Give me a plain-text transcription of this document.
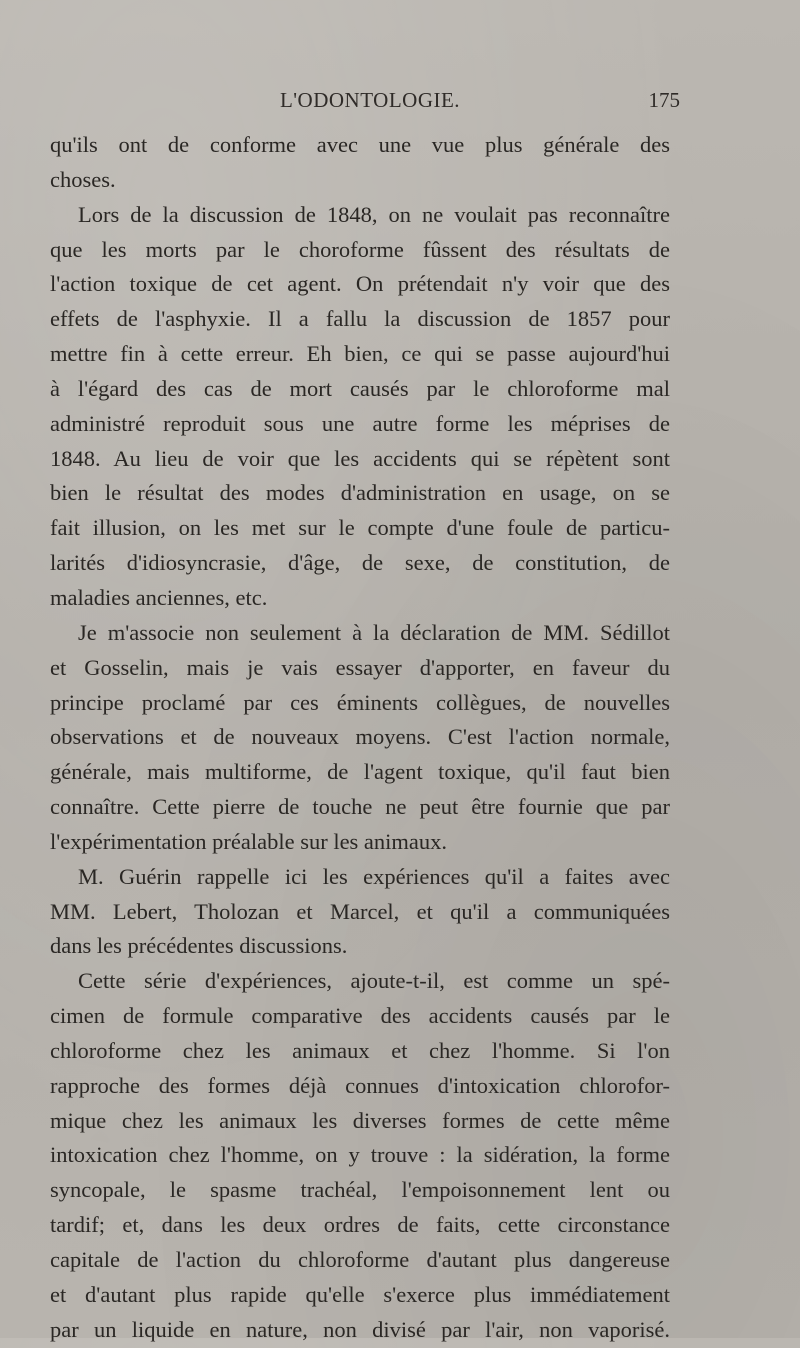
L'ODONTOLOGIE.	175
qu'ils ont de conforme avec une vue plus générale des
choses.
Lors de la discussion de 1848, on ne voulait pas reconnaître
que les morts par le choroforme fûssent des résultats de
l'action toxique de cet agent. On prétendait n'y voir que des
effets de l'asphyxie. Il a fallu la discussion de 1857 pour
mettre fin à cette erreur. Eh bien, ce qui se passe aujourd'hui
à l'égard des cas de mort causés par le chloroforme mal
administré reproduit sous une autre forme les méprises de
1848. Au lieu de voir que les accidents qui se répètent sont
bien le résultat des modes d'administration en usage, on se
fait illusion, on les met sur le compte d'une foule de particu-
larités d'idiosyncrasie, d'âge, de sexe, de constitution, de
maladies anciennes, etc.
Je m'associe non seulement à la déclaration de MM. Sédillot
et Gosselin, mais je vais essayer d'apporter, en faveur du
principe proclamé par ces éminents collègues, de nouvelles
observations et de nouveaux moyens. C'est l'action normale,
générale, mais multiforme, de l'agent toxique, qu'il faut bien
connaître. Cette pierre de touche ne peut être fournie que par
l'expérimentation préalable sur les animaux.
M. Guérin rappelle ici les expériences qu'il a faites avec
MM. Lebert, Tholozan et Marcel, et qu'il a communiquées
dans les précédentes discussions.
Cette série d'expériences, ajoute-t-il, est comme un spé-
cimen de formule comparative des accidents causés par le
chloroforme chez les animaux et chez l'homme. Si l'on
rapproche des formes déjà connues d'intoxication chlorofor-
mique chez les animaux les diverses formes de cette même
intoxication chez l'homme, on y trouve : la sidération, la forme
syncopale, le spasme trachéal, l'empoisonnement lent ou
tardif; et, dans les deux ordres de faits, cette circonstance
capitale de l'action du chloroforme d'autant plus dangereuse
et d'autant plus rapide qu'elle s'exerce plus immédiatement
par un liquide en nature, non divisé par l'air, non vaporisé.
